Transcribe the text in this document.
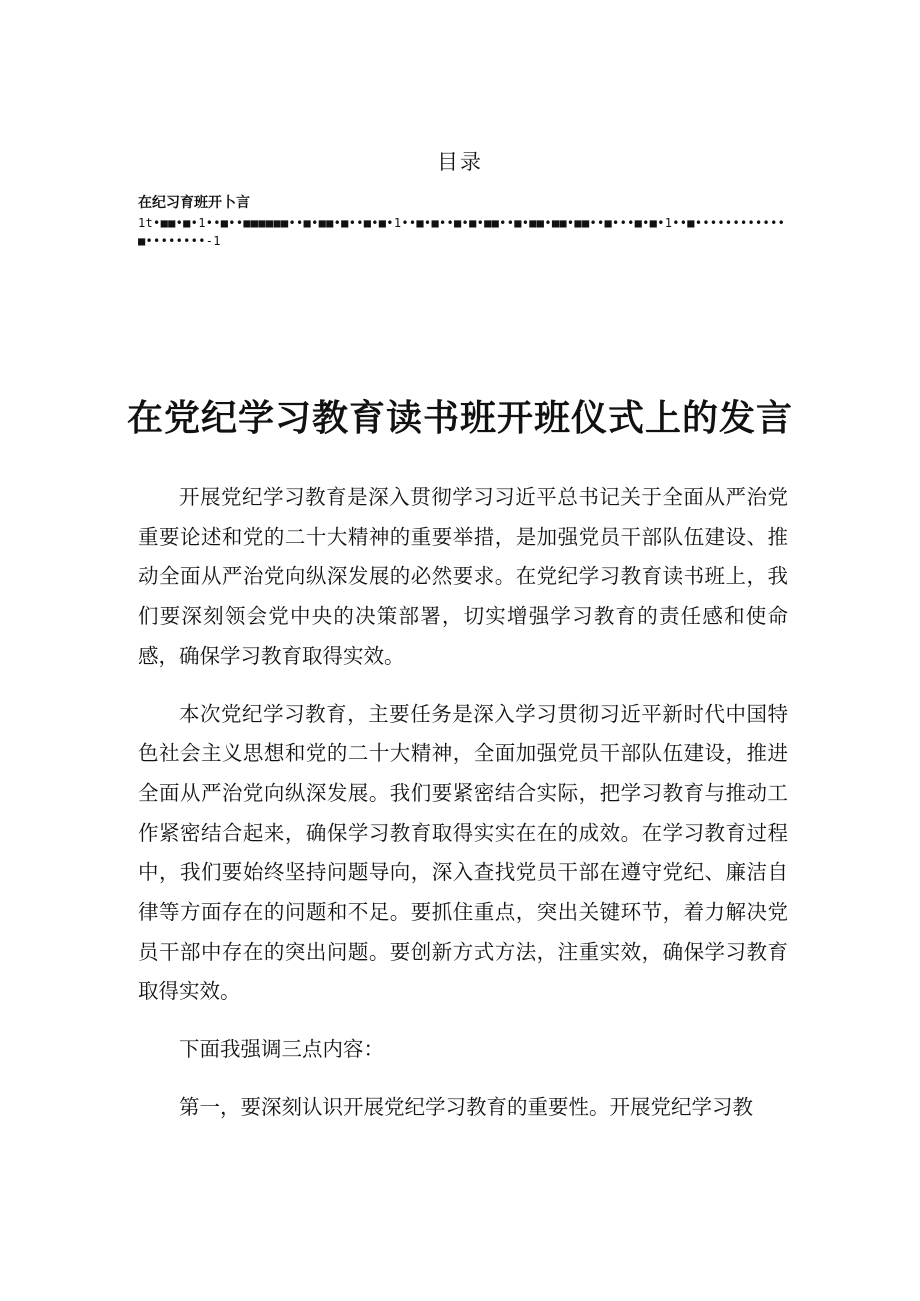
目录
在纪习育班开卜言
1t•■■•■•1••■••■■■■■■••■•■■•■••■•■•1••■•■••■•■•■■••■•■■•■■•■■••■•••■•■•1••■••••••••••••■••••••••-1
在党纪学习教育读书班开班仪式上的发言

开展党纪学习教育是深入贯彻学习习近平总书记关于全面从严治党重要论述和党的二十大精神的重要举措，是加强党员干部队伍建设、推动全面从严治党向纵深发展的必然要求。在党纪学习教育读书班上，我们要深刻领会党中央的决策部署，切实增强学习教育的责任感和使命感，确保学习教育取得实效。

本次党纪学习教育，主要任务是深入学习贯彻习近平新时代中国特色社会主义思想和党的二十大精神，全面加强党员干部队伍建设，推进全面从严治党向纵深发展。我们要紧密结合实际，把学习教育与推动工作紧密结合起来，确保学习教育取得实实在在的成效。在学习教育过程中，我们要始终坚持问题导向，深入查找党员干部在遵守党纪、廉洁自律等方面存在的问题和不足。要抓住重点，突出关键环节，着力解决党员干部中存在的突出问题。要创新方式方法，注重实效，确保学习教育取得实效。

下面我强调三点内容：

第一，要深刻认识开展党纪学习教育的重要性。开展党纪学习教
